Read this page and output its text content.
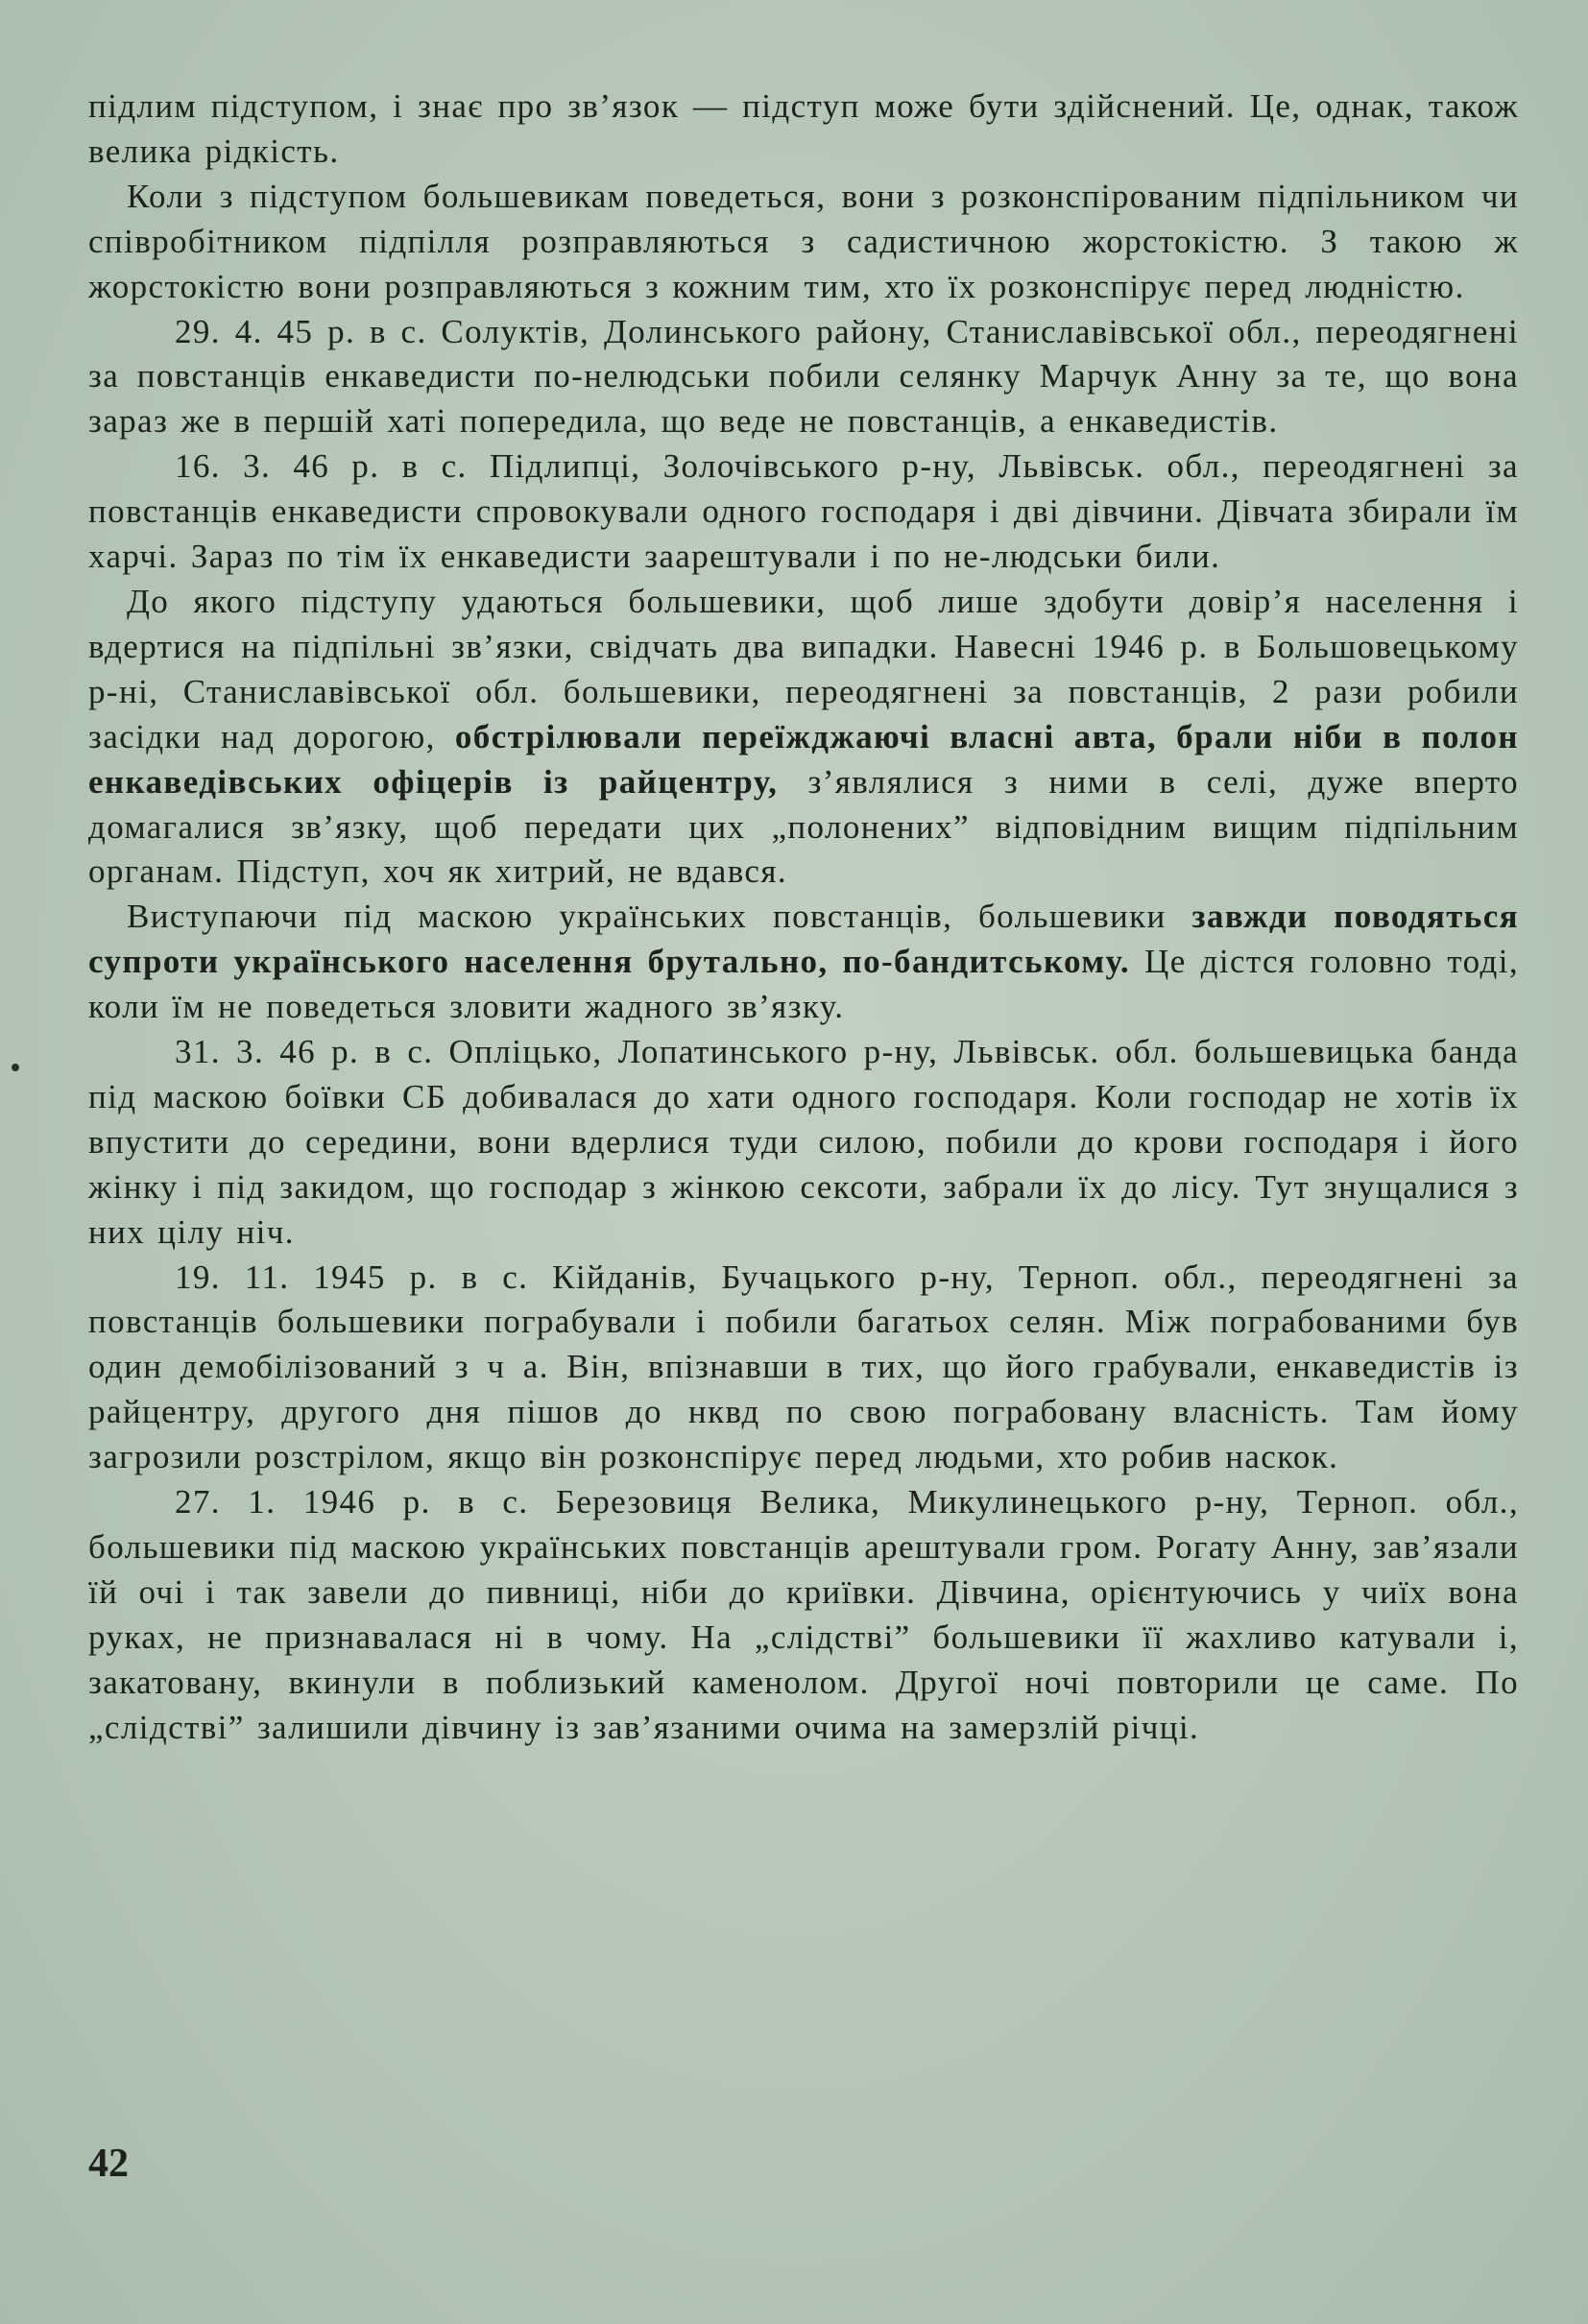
підлим підступом, і знає про зв’язок — підступ може бути здійснений. Це, однак, також велика рідкість.

Коли з підступом большевикам поведеться, вони з розконспірованим підпільником чи співробітником підпілля розправляються з садистичною жорстокістю. З такою ж жорстокістю вони розправляються з кожним тим, хто їх розконспірує перед людністю.

29. 4. 45 р. в с. Солуктів, Долинського району, Станиславівської обл., переодягнені за повстанців енкаведисти по-нелюдськи побили селянку Марчук Анну за те, що вона зараз же в першій хаті попередила, що веде не повстанців, а енкаведистів.

16. 3. 46 р. в с. Підлипці, Золочівського р-ну, Львівськ. обл., переодягнені за повстанців енкаведисти спровокували одного господаря і дві дівчини. Дівчата збирали їм харчі. Зараз по тім їх енкаведисти заарештували і по не-людськи били.

До якого підступу удаються большевики, щоб лише здобути довір’я населення і вдертися на підпільні зв’язки, свідчать два випадки. Навесні 1946 р. в Большовецькому р-ні, Станиславівської обл. большевики, переодягнені за повстанців, 2 рази робили засідки над дорогою, обстрілювали переїжджаючі власні авта, брали ніби в полон енкаведівських офіцерів із райцентру, з’являлися з ними в селі, дуже вперто домагалися зв’язку, щоб передати цих „полонених” відповідним вищим підпільним органам. Підступ, хоч як хитрий, не вдався.

Виступаючи під маскою українських повстанців, большевики завжди поводяться супроти українського населення брутально, по-бандитському. Це дістся головно тоді, коли їм не поведеться зловити жадного зв’язку.

31. 3. 46 р. в с. Опліцько, Лопатинського р-ну, Львівськ. обл. большевицька банда під маскою боївки СБ добивалася до хати одного господаря. Коли господар не хотів їх впустити до середини, вони вдерлися туди силою, побили до крови господаря і його жінку і під закидом, що господар з жінкою сексоти, забрали їх до лісу. Тут знущалися з них цілу ніч.

19. 11. 1945 р. в с. Кійданів, Бучацького р-ну, Терноп. обл., переодягнені за повстанців большевики пограбували і побили багатьох селян. Між пограбованими був один демобілізований з ч а. Він, впізнавши в тих, що його грабували, енкаведистів із райцентру, другого дня пішов до нквд по свою пограбовану власність. Там йому загрозили розстрілом, якщо він розконспірує перед людьми, хто робив наскок.

27. 1. 1946 р. в с. Березовиця Велика, Микулинецького р-ну, Терноп. обл., большевики під маскою українських повстанців арештували гром. Рогату Анну, зав’язали їй очі і так завели до пивниці, ніби до криївки. Дівчина, орієнтуючись у чиїх вона руках, не признавалася ні в чому. На „слідстві” большевики її жахливо катували і, закатовану, вкинули в поблизький каменолом. Другої ночі повторили це саме. По „слідстві” залишили дівчину із зав’язаними очима на замерзлій річці.

42
